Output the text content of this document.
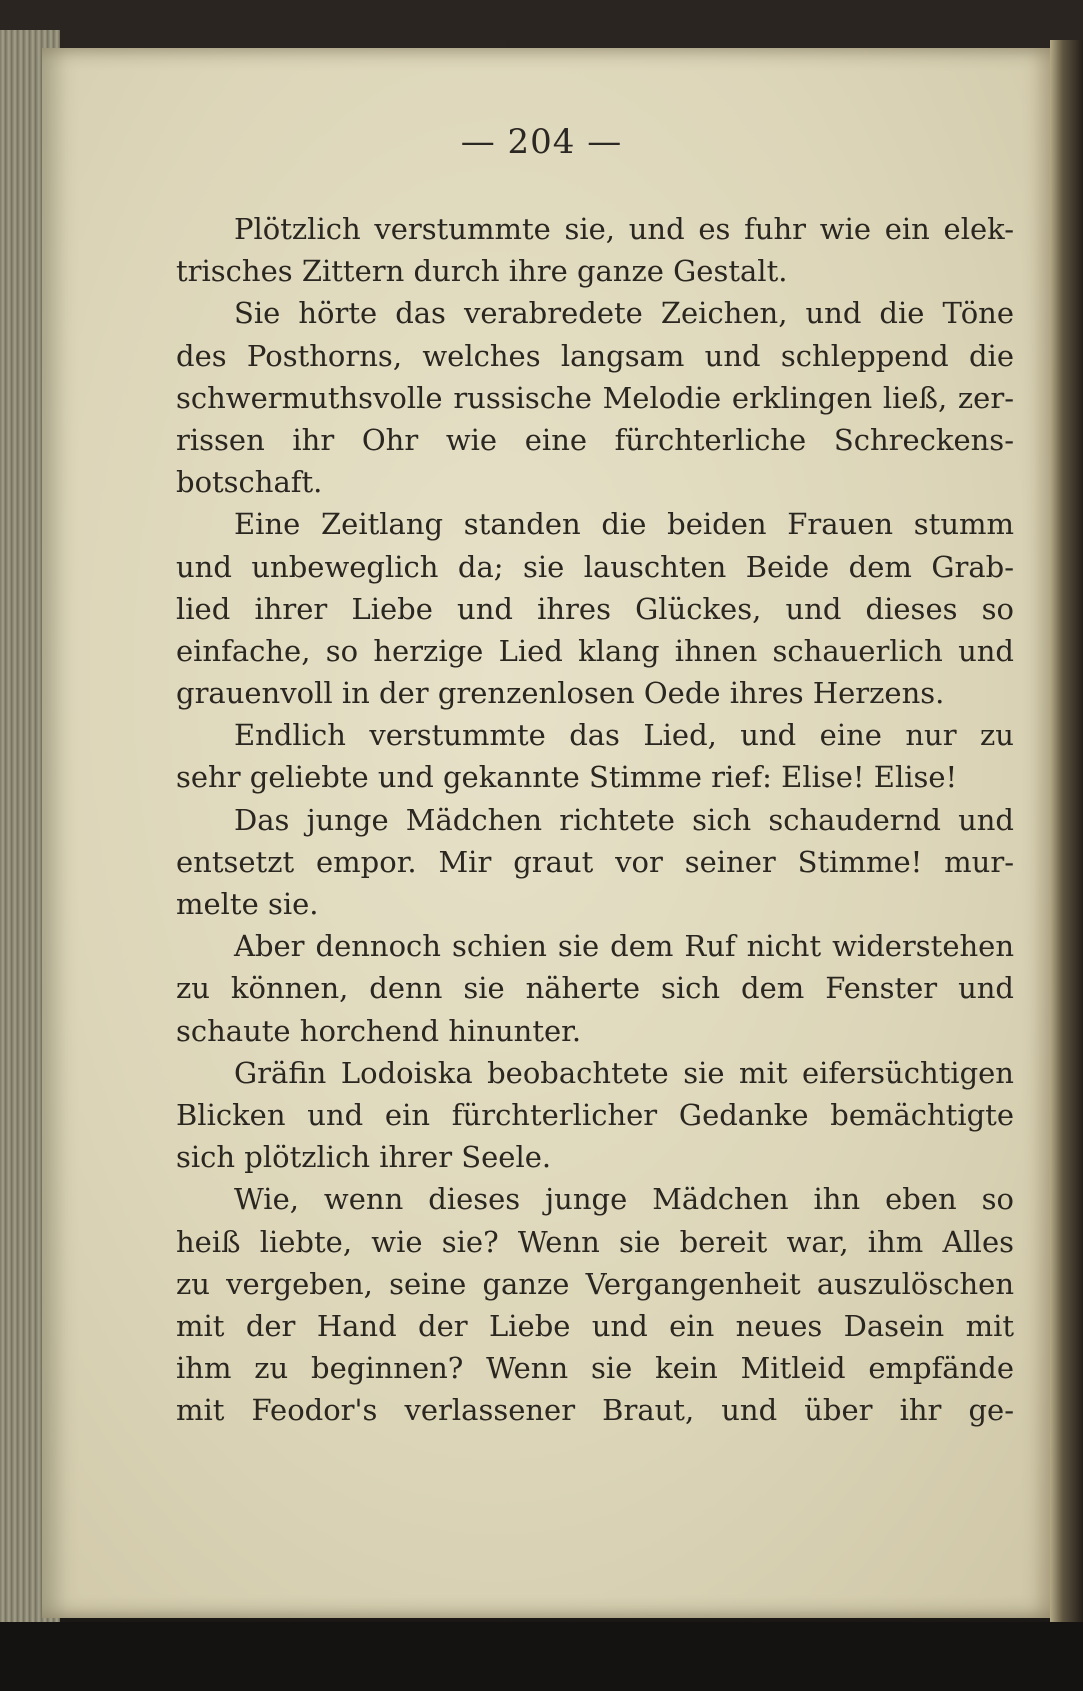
— 204 —
Plötzlich verstummte sie, und es fuhr wie ein elek-
trisches Zittern durch ihre ganze Gestalt.
Sie hörte das verabredete Zeichen, und die Töne
des Posthorns, welches langsam und schleppend die
schwermuthsvolle russische Melodie erklingen ließ, zer-
rissen ihr Ohr wie eine fürchterliche Schreckens-
botschaft.
Eine Zeitlang standen die beiden Frauen stumm
und unbeweglich da; sie lauschten Beide dem Grab-
lied ihrer Liebe und ihres Glückes, und dieses so
einfache, so herzige Lied klang ihnen schauerlich und
grauenvoll in der grenzenlosen Oede ihres Herzens.
Endlich verstummte das Lied, und eine nur zu
sehr geliebte und gekannte Stimme rief: Elise! Elise!
Das junge Mädchen richtete sich schaudernd und
entsetzt empor. Mir graut vor seiner Stimme! mur-
melte sie.
Aber dennoch schien sie dem Ruf nicht widerstehen
zu können, denn sie näherte sich dem Fenster und
schaute horchend hinunter.
Gräfin Lodoiska beobachtete sie mit eifersüchtigen
Blicken und ein fürchterlicher Gedanke bemächtigte
sich plötzlich ihrer Seele.
Wie, wenn dieses junge Mädchen ihn eben so
heiß liebte, wie sie? Wenn sie bereit war, ihm Alles
zu vergeben, seine ganze Vergangenheit auszulöschen
mit der Hand der Liebe und ein neues Dasein mit
ihm zu beginnen? Wenn sie kein Mitleid empfände
mit Feodor's verlassener Braut, und über ihr ge-
